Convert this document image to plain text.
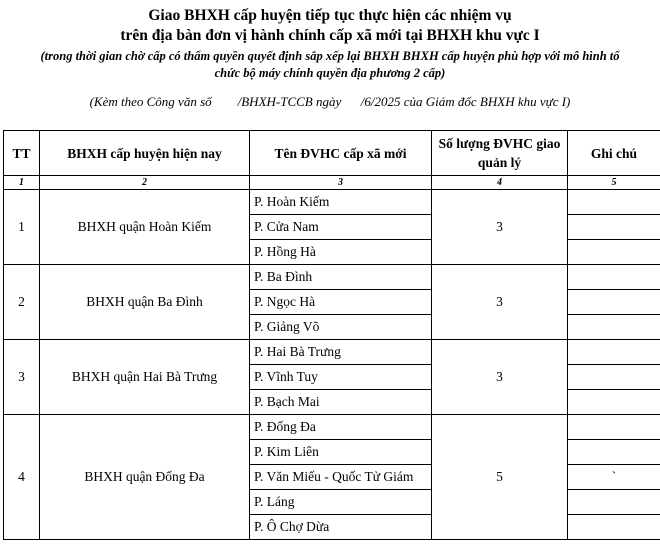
Giao BHXH cấp huyện tiếp tục thực hiện các nhiệm vụ
trên địa bàn đơn vị hành chính cấp xã mới tại BHXH khu vực I
(trong thời gian chờ cấp có thẩm quyền quyết định sắp xếp lại BHXH BHXH cấp huyện phù hợp với mô hình tổ
chức bộ máy chính quyền địa phương 2 cấp)
(Kèm theo Công văn số        /BHXH-TCCB ngày      /6/2025 của Giám đốc BHXH khu vực I)
TT	BHXH cấp huyện hiện nay	Tên ĐVHC cấp xã mới	Số lượng ĐVHC giao quản lý	Ghi chú
1	2	3	4	5
1	BHXH quận Hoàn Kiếm	P. Hoàn Kiếm	3	
		P. Cửa Nam		
		P. Hồng Hà		
2	BHXH quận Ba Đình	P. Ba Đình	3	
		P. Ngọc Hà		
		P. Giảng Võ		
3	BHXH quận Hai Bà Trưng	P. Hai Bà Trưng	3	
		P. Vĩnh Tuy		
		P. Bạch Mai		
4	BHXH quận Đống Đa	P. Đống Đa	5	
		P. Kim Liên		
		P. Văn Miếu - Quốc Tử Giám		`
		P. Láng		
		P. Ô Chợ Dừa		
